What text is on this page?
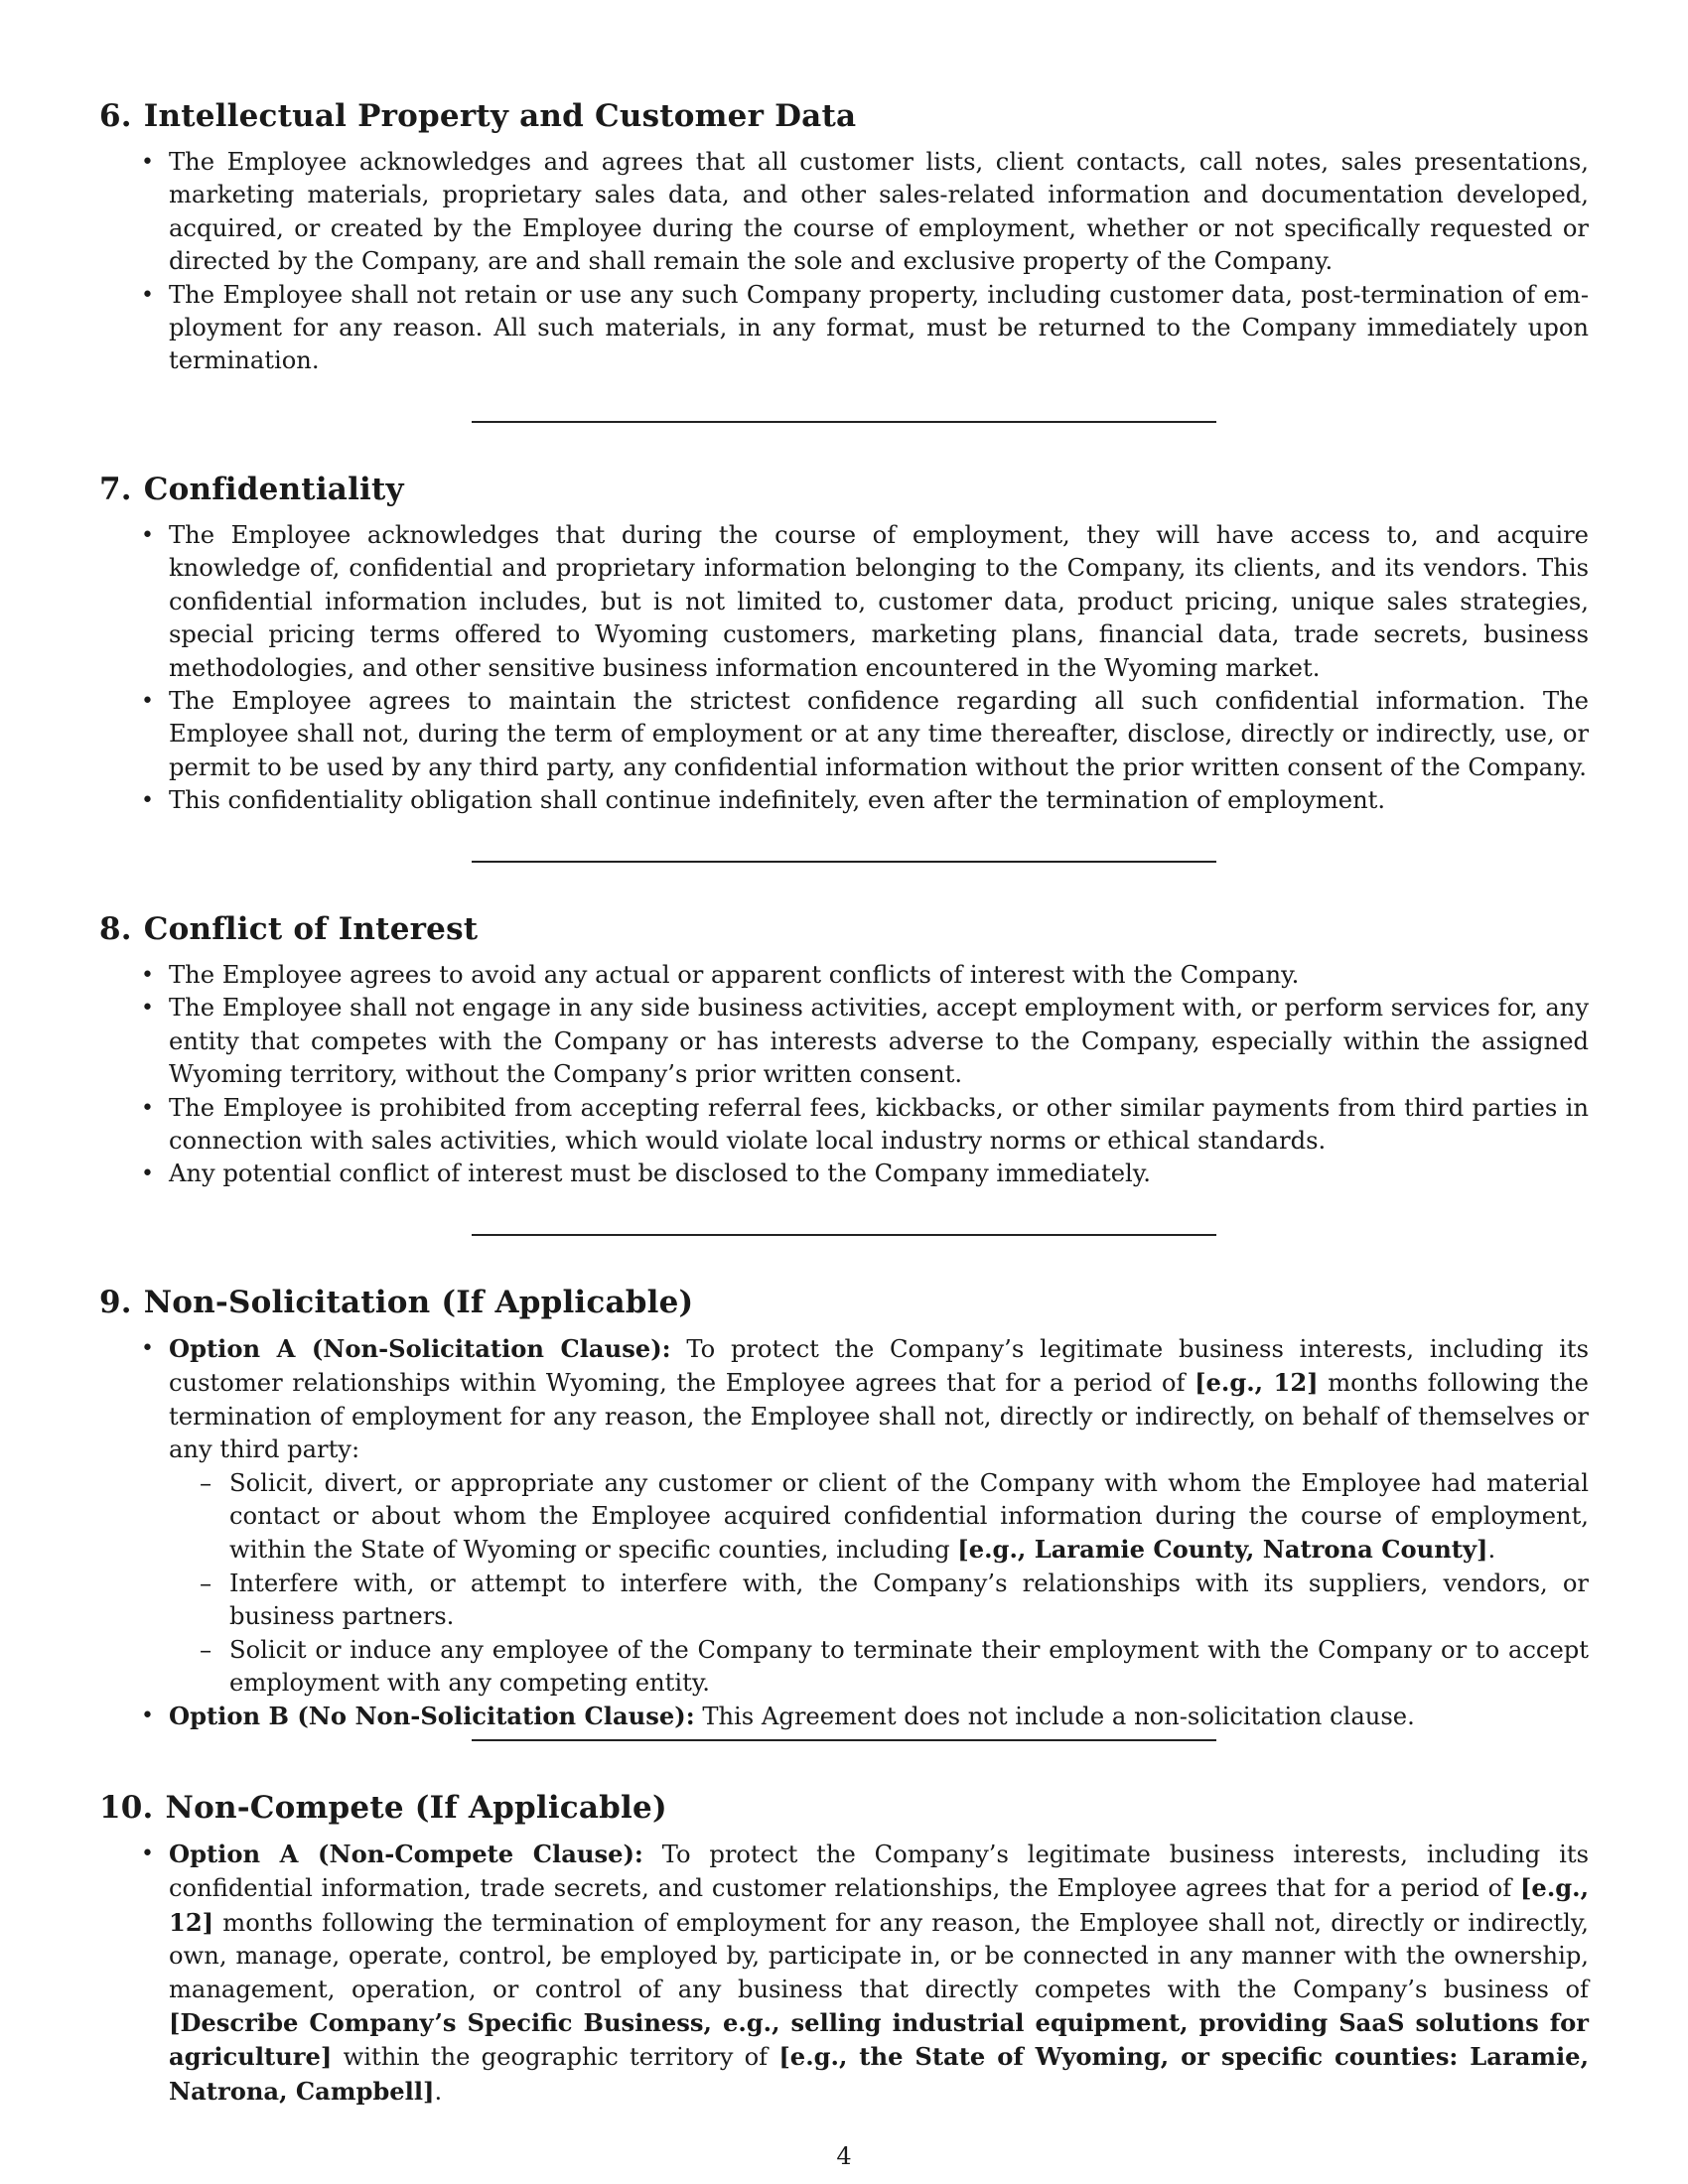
6. Intellectual Property and Customer Data
• The Employee acknowledges and agrees that all customer lists, client contacts, call notes, sales presentations, marketing materials, proprietary sales data, and other sales-related information and documentation developed, acquired, or created by the Employee during the course of employment, whether or not specifically requested or directed by the Company, are and shall remain the sole and exclusive property of the Company.
• The Employee shall not retain or use any such Company property, including customer data, post-termination of employment for any reason. All such materials, in any format, must be returned to the Company immediately upon termination.
7. Confidentiality
• The Employee acknowledges that during the course of employment, they will have access to, and acquire knowledge of, confidential and proprietary information belonging to the Company, its clients, and its vendors. This confidential information includes, but is not limited to, customer data, product pricing, unique sales strategies, special pricing terms offered to Wyoming customers, marketing plans, financial data, trade secrets, business methodologies, and other sensitive business information encountered in the Wyoming market.
• The Employee agrees to maintain the strictest confidence regarding all such confidential information. The Employee shall not, during the term of employment or at any time thereafter, disclose, directly or indirectly, use, or permit to be used by any third party, any confidential information without the prior written consent of the Company.
• This confidentiality obligation shall continue indefinitely, even after the termination of employment.
8. Conflict of Interest
• The Employee agrees to avoid any actual or apparent conflicts of interest with the Company.
• The Employee shall not engage in any side business activities, accept employment with, or perform services for, any entity that competes with the Company or has interests adverse to the Company, especially within the assigned Wyoming territory, without the Company’s prior written consent.
• The Employee is prohibited from accepting referral fees, kickbacks, or other similar payments from third parties in connection with sales activities, which would violate local industry norms or ethical standards.
• Any potential conflict of interest must be disclosed to the Company immediately.
9. Non-Solicitation (If Applicable)
• Option A (Non-Solicitation Clause): To protect the Company’s legitimate business interests, including its customer relationships within Wyoming, the Employee agrees that for a period of [e.g., 12] months following the termination of employment for any reason, the Employee shall not, directly or indirectly, on behalf of themselves or any third party:
– Solicit, divert, or appropriate any customer or client of the Company with whom the Employee had material contact or about whom the Employee acquired confidential information during the course of employment, within the State of Wyoming or specific counties, including [e.g., Laramie County, Natrona County].
– Interfere with, or attempt to interfere with, the Company’s relationships with its suppliers, vendors, or business partners.
– Solicit or induce any employee of the Company to terminate their employment with the Company or to accept employment with any competing entity.
• Option B (No Non-Solicitation Clause): This Agreement does not include a non-solicitation clause.
10. Non-Compete (If Applicable)
• Option A (Non-Compete Clause): To protect the Company’s legitimate business interests, including its confidential information, trade secrets, and customer relationships, the Employee agrees that for a period of [e.g., 12] months following the termination of employment for any reason, the Employee shall not, directly or indirectly, own, manage, operate, control, be employed by, participate in, or be connected in any manner with the ownership, management, operation, or control of any business that directly competes with the Company’s business of [Describe Company’s Specific Business, e.g., selling industrial equipment, providing SaaS solutions for agriculture] within the geographic territory of [e.g., the State of Wyoming, or specific counties: Laramie, Natrona, Campbell].
4
